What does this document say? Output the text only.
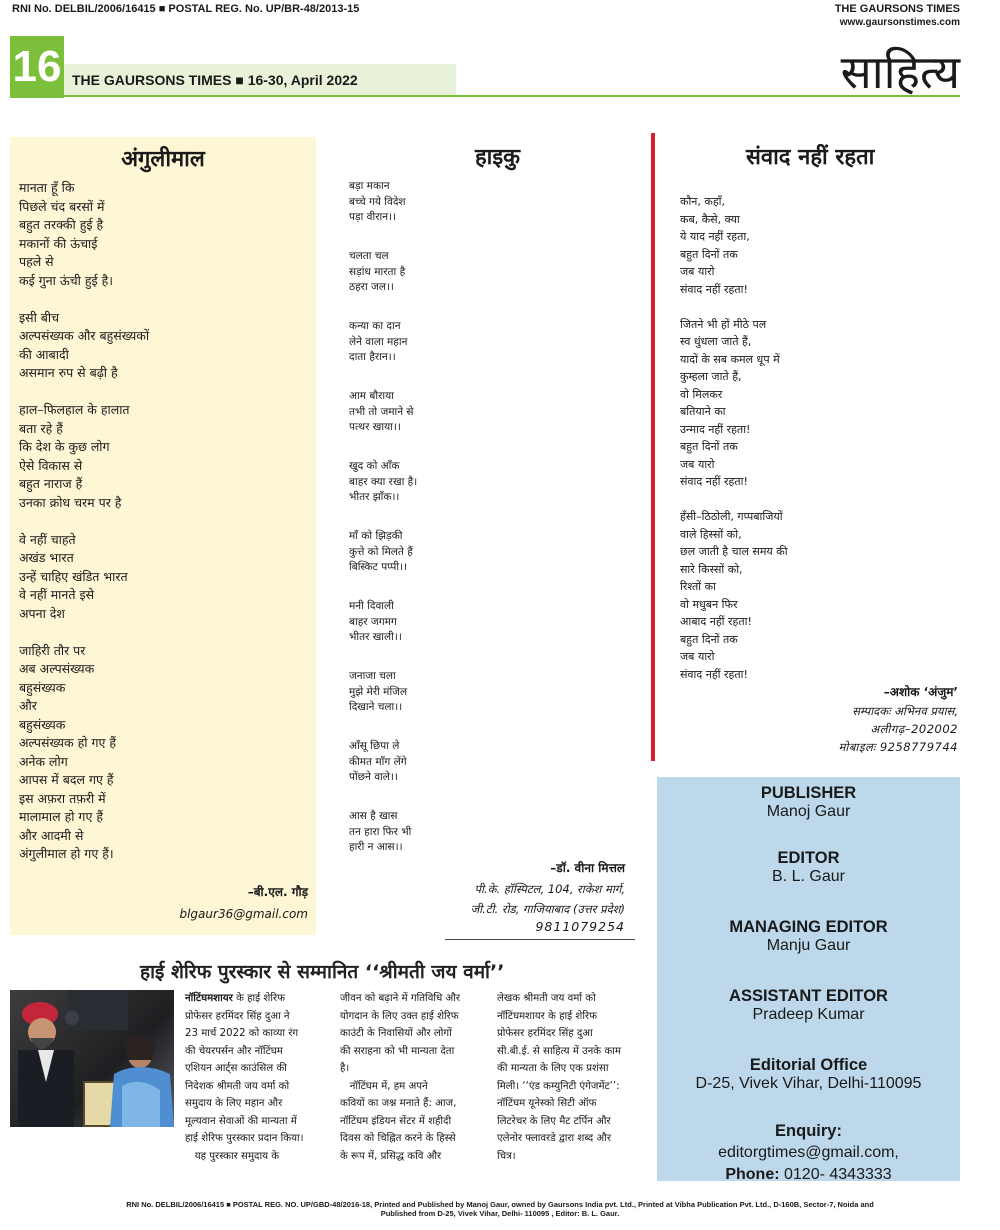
RNI No. DELBIL/2006/16415 ■ POSTAL REG. No. UP/BR-48/2013-15	THE GAURSONS TIMES
www.gaursonstimes.com
16 THE GAURSONS TIMES ■ 16-30, April 2022	साहित्य
अंगुलीमाल
मानता हूँ कि
पिछले चंद बरसों में
बहुत तरक्की हुई है
मकानों की ऊंचाई
पहले से
कई गुना ऊंची हुई है।

इसी बीच
अल्पसंख्यक और बहुसंख्यकों
की आबादी
असमान रुप से बढ़ी है

हाल–फिलहाल के हालात
बता रहे हैं
कि देश के कुछ लोग
ऐसे विकास से
बहुत नाराज हैं
उनका क्रोध चरम पर है

वे नहीं चाहते
अखंड भारत
उन्हें चाहिए खंडित भारत
वे नहीं मानते इसे
अपना देश

जाहिरी तौर पर
अब अल्पसंख्यक
बहुसंख्यक
और
बहुसंख्यक
अल्पसंख्यक हो गए हैं
अनेक लोग
आपस में बदल गए हैं
इस अफ़रा तफ़री में
मालामाल हो गए हैं
और आदमी से
अंगुलीमाल हो गए हैं।
–बी.एल. गौड़
blgaur36@gmail.com
हाइकु
बड़ा मकान
बच्चे गये विदेश
पड़ा वीरान।।
चलता चल
सड़ांध मारता है
ठहरा जल।।
कन्या का दान
लेने वाला महान
दाता हैरान।।
आम बौराया
तभी तो जमाने से
पत्थर खाया।।
खुद को आँक
बाहर क्या रखा है।
भीतर झाँक।।
माँ को झिड़की
कुत्ते को मिलते हैं
बिस्किट पप्पी।।
मनी दिवाली
बाहर जगमग
भीतर खाली।।
जनाजा चला
मुझे मेरी मंजिल
दिखाने चला।।
आँसू छिपा ले
कीमत माँग लेंगे
पोंछने वाले।।
आस है खास
तन हारा फिर भी
हारी न आस।।
–डॉ. वीना मित्तल
पी.के. हॉस्पिटल, 104, राकेश मार्ग,
जी.टी. रोड, गाजियाबाद (उत्तर प्रदेश)
9811079254
संवाद नहीं रहता
कौन, कहाँ,
कब, कैसे, क्या
ये याद नहीं रहता,
बहुत दिनों तक
जब यारो
संवाद नहीं रहता!

जितने भी हों मीठे पल
स्व धुंधला जाते हैं,
यादों के सब कमल धूप में
कुम्हला जाते हैं,
वो मिलकर
बतियाने का
उन्माद नहीं रहता!
बहुत दिनों तक
जब यारो
संवाद नहीं रहता!

हँसी–ठिठोली, गप्पबाजियों
वाले हिस्सों को,
छल जाती है चाल समय की
सारे किस्सों को,
रिश्तों का
वो मधुबन फिर
आबाद नहीं रहता!
बहुत दिनों तक
जब यारो
संवाद नहीं रहता!
–अशोक ‘अंजुम’
सम्पादकः अभिनव प्रयास,
अलीगढ़–202002
मोबाइलः 9258779744
PUBLISHER
Manoj Gaur
EDITOR
B. L. Gaur
MANAGING EDITOR
Manju Gaur
ASSISTANT EDITOR
Pradeep Kumar
Editorial Office
D-25, Vivek Vihar, Delhi-110095
Enquiry:
editorgtimes@gmail.com,
Phone: 0120- 4343333
हाई शेरिफ पुरस्कार से सम्मानित ‘‘श्रीमती जय वर्मा’’
नॉटिंघमशायर के हाई शेरिफ
प्रोफेसर हरमिंदर सिंह दुआ ने
23 मार्च 2022 को काव्या रंग
की चेयरपर्सन और नॉटिंघम
एशियन आर्ट्स काउंसिल की
निदेशक श्रीमती जय वर्मा को
समुदाय के लिए महान और
मूल्यवान सेवाओं की मान्यता में
हाई शेरिफ पुरस्कार प्रदान किया।
यह पुरस्कार समुदाय के
जीवन को बढ़ाने में गतिविधि और
योगदान के लिए उक्त हाई शेरिफ
काउंटी के निवासियों और लोगों
की सराहना को भी मान्यता देता
है।
नॉटिंघम में, हम अपने
कवियों का जश्न मनाते हैं: आज,
नॉटिंघम इंडियन सेंटर में शहीदी
दिवस को चिह्नित करने के हिस्से
के रूप में, प्रसिद्ध कवि और
लेखक श्रीमती जय वर्मा को
नॉटिंघमशायर के हाई शेरिफ
प्रोफेसर हरमिंदर सिंह दुआ
सी.बी.ई. से साहित्य में उनके काम
की मान्यता के लिए एक प्रशंसा
मिली। ‘‘एंड कम्युनिटी एंगेजमेंट’’:
नॉटिंघम यूनेस्को सिटी ऑफ
लिटरेचर के लिए मैट टर्पिन और
एलेनोर फ्लावरडे द्वारा शब्द और
चित्र।
RNI No. DELBIL/2006/16415 ■ POSTAL REG. NO. UP/GBD-48/2016-18, Printed and Published by Manoj Gaur, owned by Gaursons India pvt. Ltd., Printed at Vibha Publication Pvt. Ltd., D-160B, Sector-7, Noida and
Published from D-25, Vivek Vihar, Delhi- 110095 , Editor: B. L. Gaur.
